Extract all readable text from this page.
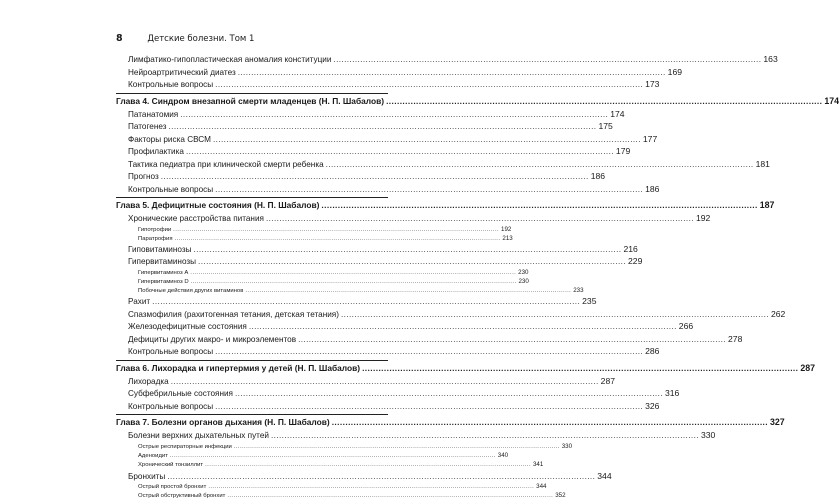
8	Детские болезни. Том 1
Лимфатико-гипопластическая аномалия конституции .....	163
Нейроартритический диатез .....	169
Контрольные вопросы .....	173
Глава 4. Синдром внезапной смерти младенцев (Н. П. Шабалов) .....	174
Патанатомия .....	174
Патогенез .....	175
Факторы риска СВСМ .....	177
Профилактика .....	179
Тактика педиатра при клинической смерти ребенка .....	181
Прогноз .....	186
Контрольные вопросы .....	186
Глава 5. Дефицитные состояния (Н. П. Шабалов) .....	187
Хронические расстройства питания .....	192
Гипотрофии .....	192
Паратрофия .....	213
Гиповитаминозы .....	216
Гипервитаминозы .....	229
Гипервитаминоз A .....	230
Гипервитаминоз D .....	230
Побочные действия других витаминов .....	233
Рахит .....	235
Спазмофилия (рахитогенная тетания, детская тетания) .....	262
Железодефицитные состояния .....	266
Дефициты других макро- и микроэлементов .....	278
Контрольные вопросы .....	286
Глава 6. Лихорадка и гипертермия у детей (Н. П. Шабалов) .....	287
Лихорадка .....	287
Субфебрильные состояния .....	316
Контрольные вопросы .....	326
Глава 7. Болезни органов дыхания (Н. П. Шабалов) .....	327
Болезни верхних дыхательных путей .....	330
Острые респираторные инфекции .....	330
Аденоидит .....	340
Хронический тонзиллит .....	341
Бронхиты .....	344
Острый простой бронхит .....	344
Острый обструктивный бронхит .....	352
